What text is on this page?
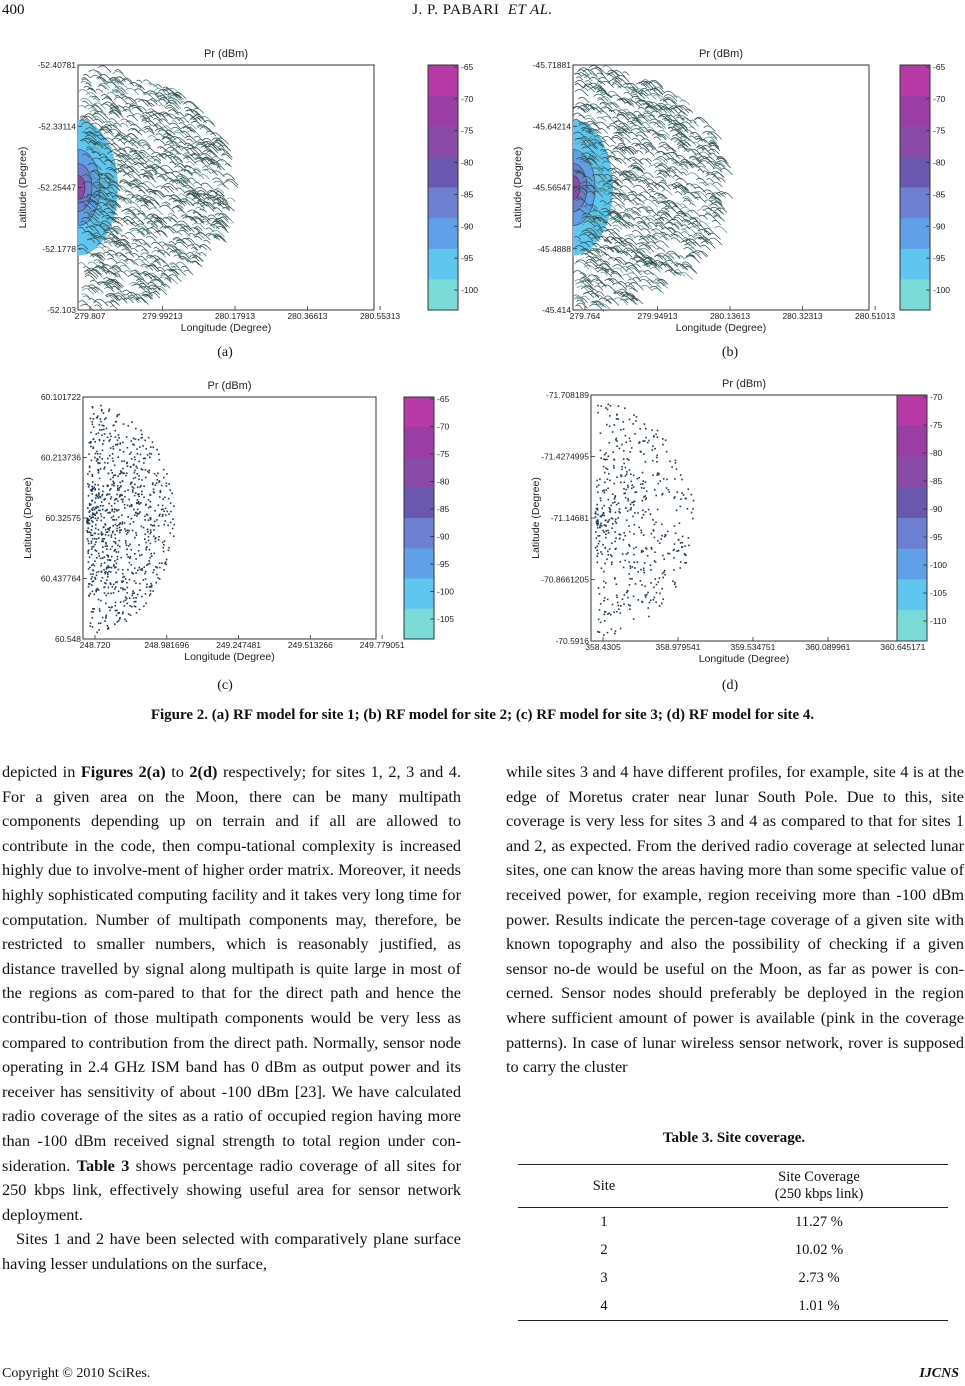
400	J. P. PABARI ET AL.
Pr (dBm)
279.807	279.99213	280.17913	280.36613	280.55313
Longitude (Degree)
-52.40781
-52.33114
-52.25447
-52.1778
-52.103
Latitude (Degree)
-65
-70
-75
-80
-85
-90
-95
-100
Pr (dBm)
279.764	279.94913	280.13613	280.32313	280.51013
Longitude (Degree)
-45.71881
-45.64214
-45.56547
-45.4888
-45.414
Latitude (Degree)
-65
-70
-75
-80
-85
-90
-95
-100
Pr (dBm)
248.720	248.981696	249.247481	249.513266	249.779051
Longitude (Degree)
60.101722
60.213736
60.32575
60.437764
60.548
Latitude (Degree)
-65
-70
-75
-80
-85
-90
-95
-100
-105
Pr (dBm)
358.4305	358.979541	359.534751	360.089961	360.645171
Longitude (Degree)
-71.708189
-71.4274995
-71.14681
-70.8661205
-70.5916
Latitude (Degree)
-70
-75
-80
-85
-90
-95
-100
-105
-110
(a)	(b)
(c)	(d)
Figure 2. (a) RF model for site 1; (b) RF model for site 2; (c) RF model for site 3; (d) RF model for site 4.

depicted in Figures 2(a) to 2(d) respectively; for sites 1, 2, 3 and 4. For a given area on the Moon, there can be many multipath components depending up on terrain and if all are allowed to contribute in the code, then compu-tational complexity is increased highly due to involve-ment of higher order matrix. Moreover, it needs highly sophisticated computing facility and it takes very long time for computation. Number of multipath components may, therefore, be restricted to smaller numbers, which is reasonably justified, as distance travelled by signal along multipath is quite large in most of the regions as com-pared to that for the direct path and hence the contribu-tion of those multipath components would be very less as compared to contribution from the direct path. Normally, sensor node operating in 2.4 GHz ISM band has 0 dBm as output power and its receiver has sensitivity of about -100 dBm [23]. We have calculated radio coverage of the sites as a ratio of occupied region having more than -100 dBm received signal strength to total region under con-sideration. Table 3 shows percentage radio coverage of all sites for 250 kbps link, effectively showing useful area for sensor network deployment.

Sites 1 and 2 have been selected with comparatively plane surface having lesser undulations on the surface,

while sites 3 and 4 have different profiles, for example, site 4 is at the edge of Moretus crater near lunar South Pole. Due to this, site coverage is very less for sites 3 and 4 as compared to that for sites 1 and 2, as expected. From the derived radio coverage at selected lunar sites, one can know the areas having more than some specific value of received power, for example, region receiving more than -100 dBm power. Results indicate the percen-tage coverage of a given site with known topography and also the possibility of checking if a given sensor no-de would be useful on the Moon, as far as power is con-cerned. Sensor nodes should preferably be deployed in the region where sufficient amount of power is available (pink in the coverage patterns). In case of lunar wireless sensor network, rover is supposed to carry the cluster

Table 3. Site coverage.
Site	Site Coverage
(250 kbps link)
1	11.27 %
2	10.02 %
3	2.73 %
4	1.01 %
Copyright © 2010 SciRes.	IJCNS
